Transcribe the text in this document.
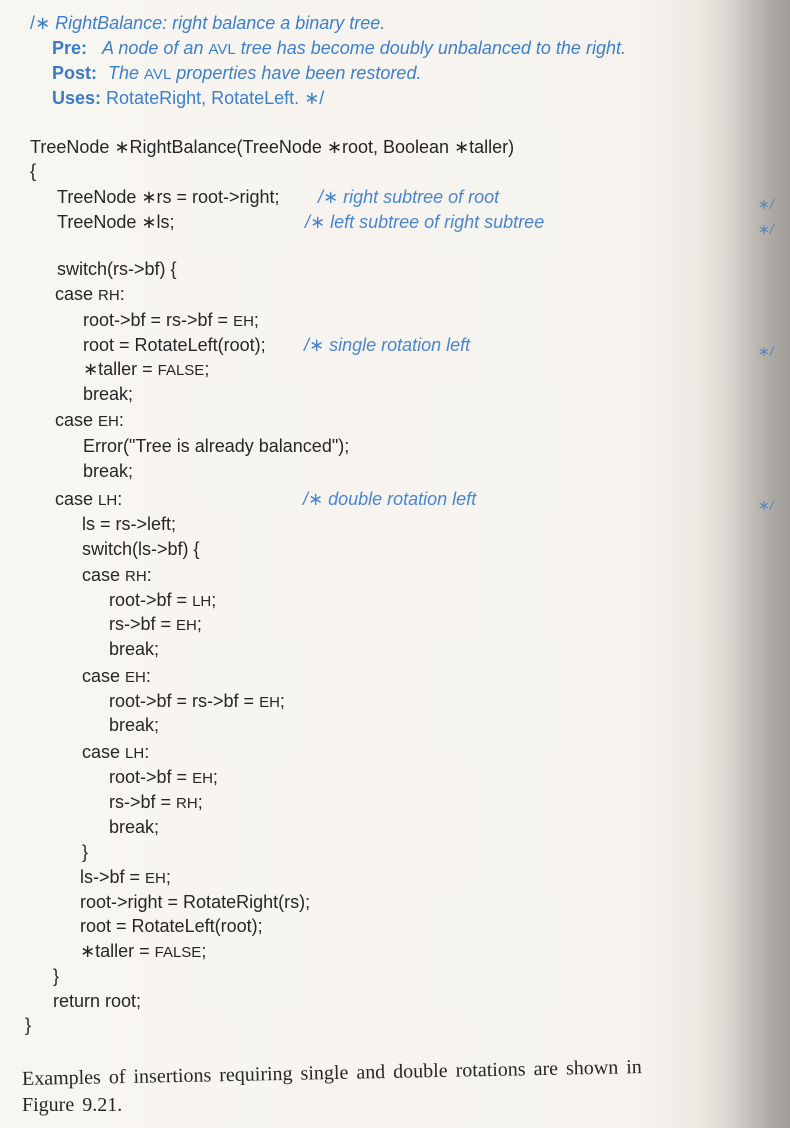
/∗ RightBalance: right balance a binary tree.
Pre: A node of an AVL tree has become doubly unbalanced to the right.
Post: The AVL properties have been restored.
Uses: RotateRight, RotateLeft. ∗/
TreeNode ∗RightBalance(TreeNode ∗root, Boolean ∗taller)
{
TreeNode ∗rs = root->right; /∗ right subtree of root	∗/
TreeNode ∗ls;	/∗ left subtree of right subtree	∗/
switch(rs->bf) {
case RH:
root->bf = rs->bf = EH;
root = RotateLeft(root); /∗ single rotation left	∗/
∗taller = FALSE;
break;
case EH:
Error("Tree is already balanced");
break;
case LH:	/∗ double rotation left	∗/
ls = rs->left;
switch(ls->bf) {
case RH:
root->bf = LH;
rs->bf = EH;
break;
case EH:
root->bf = rs->bf = EH;
break;
case LH:
root->bf = EH;
rs->bf = RH;
break;
}
ls->bf = EH;
root->right = RotateRight(rs);
root = RotateLeft(root);
∗taller = FALSE;
}
return root;
}
Examples of insertions requiring single and double rotations are shown in
Figure 9.21.
